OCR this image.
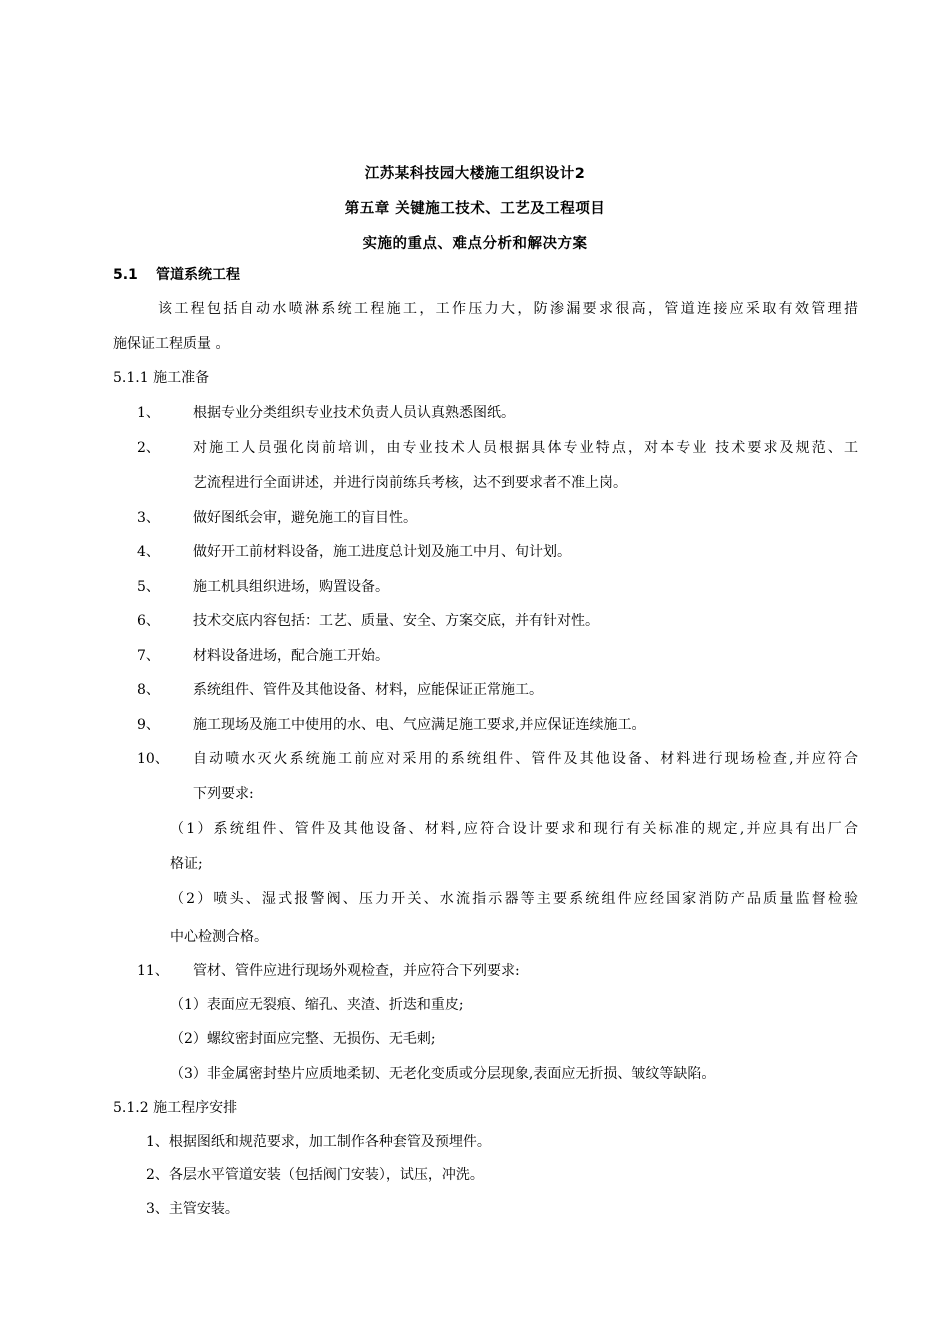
江苏某科技园大楼施工组织设计2
第五章 关键施工技术、工艺及工程项目
实施的重点、难点分析和解决方案
5.1 管道系统工程
该工程包括自动水喷淋系统工程施工，工作压力大，防渗漏要求很高，管道连接应采取有效管理措
施保证工程质量 。
5.1.1 施工准备
1、 根据专业分类组织专业技术负责人员认真熟悉图纸。
2、 对施工人员强化岗前培训，由专业技术人员根据具体专业特点，对本专业 技术要求及规范、工
艺流程进行全面讲述，并进行岗前练兵考核，达不到要求者不准上岗。
3、 做好图纸会审，避免施工的盲目性。
4、 做好开工前材料设备，施工进度总计划及施工中月、旬计划。
5、 施工机具组织进场，购置设备。
6、 技术交底内容包括：工艺、质量、安全、方案交底，并有针对性。
7、 材料设备进场，配合施工开始。
8、 系统组件、管件及其他设备、材料，应能保证正常施工。
9、 施工现场及施工中使用的水、电、气应满足施工要求,并应保证连续施工。
10、 自动喷水灭火系统施工前应对采用的系统组件、管件及其他设备、材料进行现场检查,并应符合
下列要求:
（1）系统组件、管件及其他设备、材料,应符合设计要求和现行有关标准的规定,并应具有出厂合
格证;
（2）喷头、湿式报警阀、压力开关、水流指示器等主要系统组件应经国家消防产品质量监督检验
中心检测合格。
11、 管材、管件应进行现场外观检查，并应符合下列要求:
（1）表面应无裂痕、缩孔、夹渣、折迭和重皮;
（2）螺纹密封面应完整、无损伤、无毛刺;
（3）非金属密封垫片应质地柔韧、无老化变质或分层现象,表面应无折损、皱纹等缺陷。
5.1.2 施工程序安排
1、根据图纸和规范要求，加工制作各种套管及预埋件。
2、各层水平管道安装（包括阀门安装），试压，冲洗。
3、主管安装。
